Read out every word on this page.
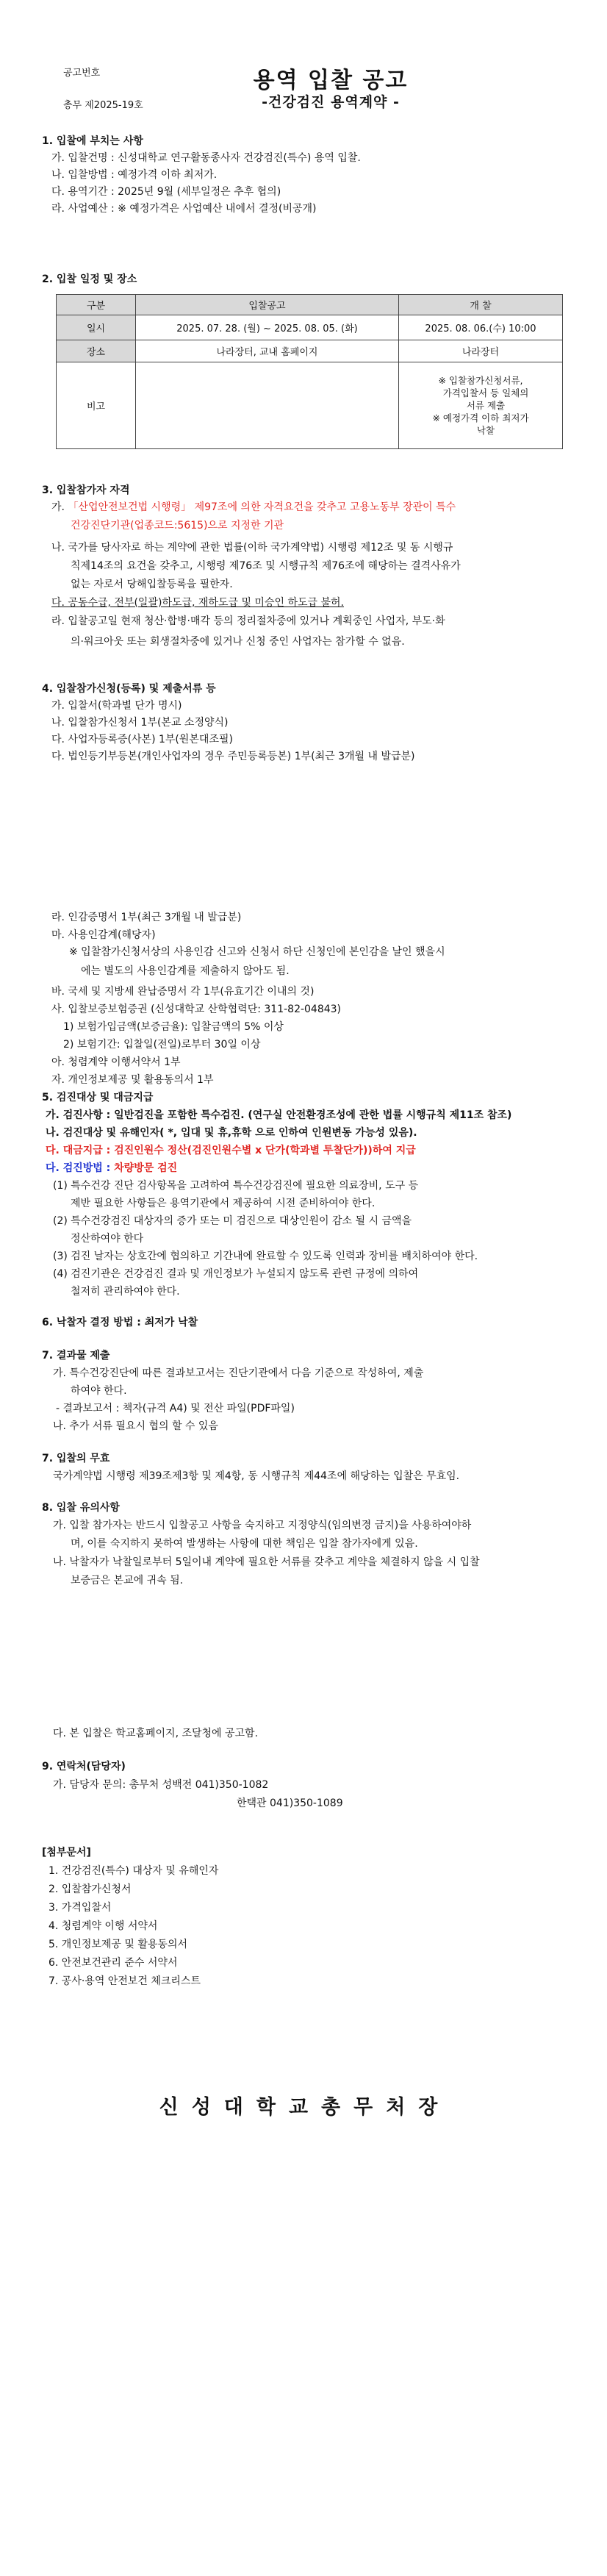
공고번호
총무 제2025-19호
용역 입찰 공고
-건강검진 용역계약 -
1. 입찰에 부치는 사항
가. 입찰건명 : 신성대학교 연구활동종사자 건강검진(특수) 용역 입찰.
나. 입찰방법 : 예정가격 이하 최저가.
다. 용역기간 : 2025년 9월 (세부일정은 추후 협의)
라. 사업예산 : ※ 예정가격은 사업예산 내에서 결정(비공개)
2. 입찰 일정 및 장소
구분	입찰공고	개 찰
일시	2025. 07. 28. (월) ~ 2025. 08. 05. (화)	2025. 08. 06.(수) 10:00
장소	나라장터, 교내 홈페이지	나라장터
비고		※ 입찰참가신청서류,
가격입찰서 등 일체의
서류 제출
※ 예정가격 이하 최저가
낙찰
3. 입찰참가자 자격
가. 「산업안전보건법 시행령」 제97조에 의한 자격요건을 갖추고 고용노동부 장관이 특수
건강진단기관(업종코드:5615)으로 지정한 기관
나. 국가를 당사자로 하는 계약에 관한 법률(이하 국가계약법) 시행령 제12조 및 동 시행규
칙제14조의 요건을 갖추고, 시행령 제76조 및 시행규칙 제76조에 해당하는 결격사유가
없는 자로서 당해입찰등록을 필한자.
다. 공동수급, 전부(일괄)하도급, 재하도급 및 미승인 하도급 불허.
라. 입찰공고일 현재 청산·합병·매각 등의 정리절차중에 있거나 계획중인 사업자, 부도·화
의·워크아웃 또는 회생절차중에 있거나 신청 중인 사업자는 참가할 수 없음.
4. 입찰참가신청(등록) 및 제출서류 등
가. 입찰서(학과별 단가 명시)
나. 입찰참가신청서 1부(본교 소정양식)
다. 사업자등록증(사본) 1부(원본대조필)
다. 법인등기부등본(개인사업자의 경우 주민등록등본) 1부(최근 3개월 내 발급분)
라. 인감증명서 1부(최근 3개월 내 발급분)
마. 사용인감계(해당자)
※ 입찰참가신청서상의 사용인감 신고와 신청서 하단 신청인에 본인감을 날인 했을시
에는 별도의 사용인감계를 제출하지 않아도 됨.
바. 국세 및 지방세 완납증명서 각 1부(유효기간 이내의 것)
사. 입찰보증보험증권 (신성대학교 산학협력단: 311-82-04843)
1) 보험가입금액(보증금율): 입찰금액의 5% 이상
2) 보험기간: 입찰일(전일)로부터 30일 이상
아. 청렴계약 이행서약서 1부
자. 개인정보제공 및 활용동의서 1부
5. 검진대상 및 대금지급
가. 검진사항 : 일반검진을 포함한 특수검진. (연구실 안전환경조성에 관한 법률 시행규칙 제11조 참조)
나. 검진대상 및 유해인자( *, 입대 및 휴,휴학 으로 인하여 인원변동 가능성 있음).
다. 대금지급 : 검진인원수 정산(검진인원수별 x 단가(학과별 투찰단가))하여 지급
다. 검진방법 : 차량방문 검진
(1) 특수건강 진단 검사항목을 고려하여 특수건강검진에 필요한 의료장비, 도구 등
제반 필요한 사항들은 용역기관에서 제공하여 시전 준비하여야 한다.
(2) 특수건강검진 대상자의 증가 또는 미 검진으로 대상인원이 감소 될 시 금액을
정산하여야 한다
(3) 검진 날자는 상호간에 협의하고 기간내에 완료할 수 있도록 인력과 장비를 배치하여야 한다.
(4) 검진기관은 건강검진 결과 및 개인정보가 누설되지 않도록 관련 규정에 의하여
철저히 관리하여야 한다.
6. 낙찰자 결정 방법 : 최저가 낙찰
7. 결과물 제출
가. 특수건강진단에 따른 결과보고서는 진단기관에서 다음 기준으로 작성하여, 제출
하여야 한다.
- 결과보고서 : 책자(규격 A4) 및 전산 파일(PDF파일)
나. 추가 서류 필요시 협의 할 수 있음
7. 입찰의 무효
국가계약법 시행령 제39조제3항 및 제4항, 동 시행규칙 제44조에 해당하는 입찰은 무효임.
8. 입찰 유의사항
가. 입찰 참가자는 반드시 입찰공고 사항을 숙지하고 지정양식(임의변경 금지)을 사용하여야하
며, 이를 숙지하지 못하여 발생하는 사항에 대한 책임은 입찰 참가자에게 있음.
나. 낙찰자가 낙찰일로부터 5일이내 계약에 필요한 서류를 갖추고 계약을 체결하지 않을 시 입찰
보증금은 본교에 귀속 됨.
다. 본 입찰은 학교홈페이지, 조달청에 공고함.
9. 연락처(담당자)
가. 담당자 문의: 총무처 성백전 041)350-1082
한택관 041)350-1089
[첨부문서]
1. 건강검진(특수) 대상자 및 유해인자
2. 입찰참가신청서
3. 가격입찰서
4. 청렴계약 이행 서약서
5. 개인정보제공 및 활용동의서
6. 안전보건관리 준수 서약서
7. 공사·용역 안전보건 체크리스트
신성대학교총무처장
